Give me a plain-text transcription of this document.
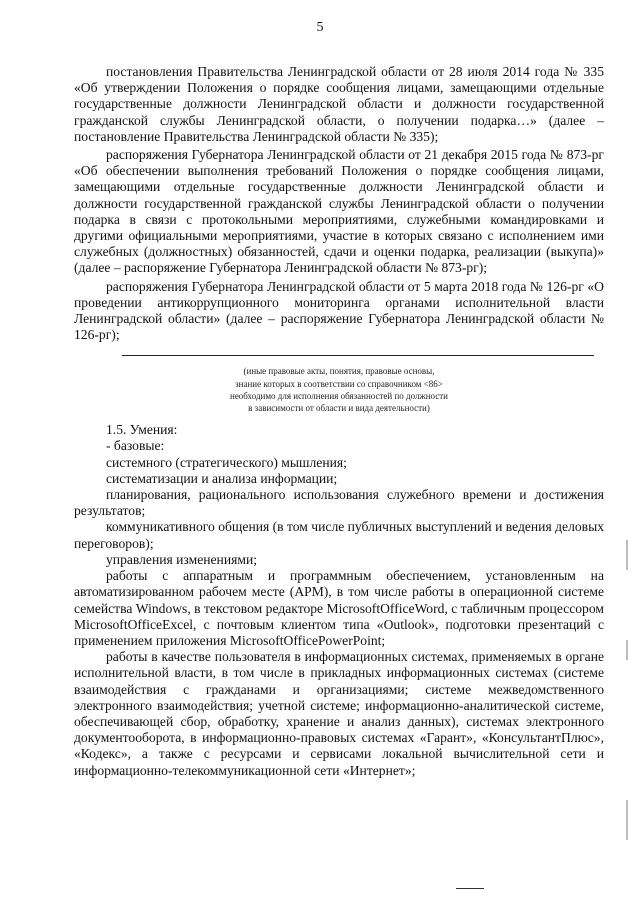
5

постановления Правительства Ленинградской области от 28 июля 2014 года № 335 «Об утверждении Положения о порядке сообщения лицами, замещающими отдельные государственные должности Ленинградской области и должности государственной гражданской службы Ленинградской области, о получении подарка…» (далее – постановление Правительства Ленинградской области № 335);

распоряжения Губернатора Ленинградской области от 21 декабря 2015 года № 873-рг «Об обеспечении выполнения требований Положения о порядке сообщения лицами, замещающими отдельные государственные должности Ленинградской области и должности государственной гражданской службы Ленинградской области о получении подарка в связи с протокольными мероприятиями, служебными командировками и другими официальными мероприятиями, участие в которых связано с исполнением ими служебных (должностных) обязанностей, сдачи и оценки подарка, реализации (выкупа)» (далее – распоряжение Губернатора Ленинградской области № 873-рг);

распоряжения Губернатора Ленинградской области от 5 марта 2018 года № 126-рг «О проведении антикоррупционного мониторинга органами исполнительной власти Ленинградской области» (далее – распоряжение Губернатора Ленинградской области № 126-рг);

(иные правовые акты, понятия, правовые основы,
знание которых в соответствии со справочником <86>
необходимо для исполнения обязанностей по должности
в зависимости от области и вида деятельности)

1.5. Умения:

- базовые:

системного (стратегического) мышления;

систематизации и анализа информации;

планирования, рационального использования служебного времени и достижения результатов;

коммуникативного общения (в том числе публичных выступлений и ведения деловых переговоров);

управления изменениями;

работы с аппаратным и программным обеспечением, установленным на автоматизированном рабочем месте (АРМ), в том числе работы в операционной системе семейства Windows, в текстовом редакторе MicrosoftOfficeWord, с табличным процессором MicrosoftOfficeExcel, с почтовым клиентом типа «Outlook», подготовки презентаций с применением приложения MicrosoftOfficePowerPoint;

работы в качестве пользователя в информационных системах, применяемых в органе исполнительной власти, в том числе в прикладных информационных системах (системе взаимодействия с гражданами и организациями; системе межведомственного электронного взаимодействия; учетной системе; информационно-аналитической системе, обеспечивающей сбор, обработку, хранение и анализ данных), системах электронного документооборота, в информационно-правовых системах «Гарант», «КонсультантПлюс», «Кодекс», а также с ресурсами и сервисами локальной вычислительной сети и информационно-телекоммуникационной сети «Интернет»;
